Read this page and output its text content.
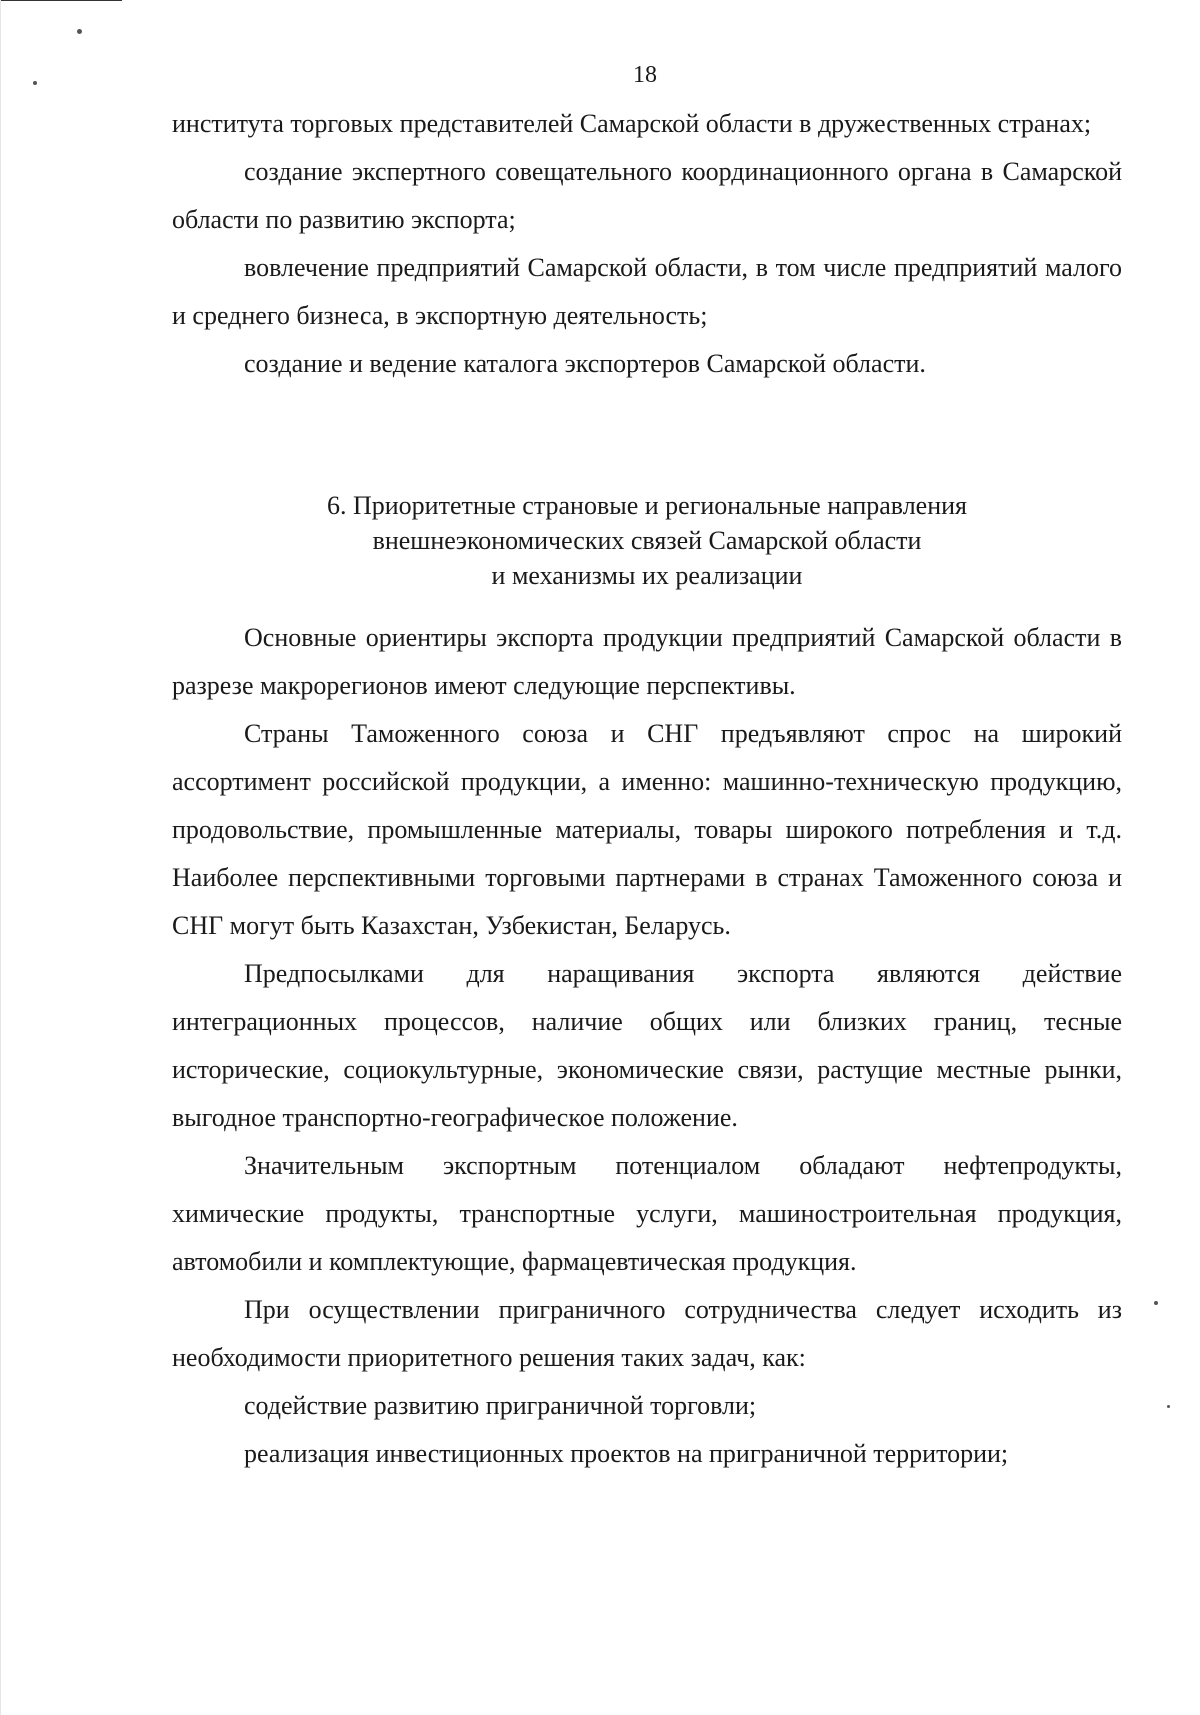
18

института торговых представителей Самарской области в дружественных странах;

создание экспертного совещательного координационного органа в Самарской области по развитию экспорта;

вовлечение предприятий Самарской области, в том числе предприятий малого и среднего бизнеса, в экспортную деятельность;

создание и ведение каталога экспортеров Самарской области.

6. Приоритетные страновые и региональные направления
внешнеэкономических связей Самарской области
и механизмы их реализации

Основные ориентиры экспорта продукции предприятий Самарской области в разрезе макрорегионов имеют следующие перспективы.

Страны Таможенного союза и СНГ предъявляют спрос на широкий ассортимент российской продукции, а именно: машинно-техническую продукцию, продовольствие, промышленные материалы, товары широкого потребления и т.д. Наиболее перспективными торговыми партнерами в странах Таможенного союза и СНГ могут быть Казахстан, Узбекистан, Беларусь.

Предпосылками для наращивания экспорта являются действие интеграционных процессов, наличие общих или близких границ, тесные исторические, социокультурные, экономические связи, растущие местные рынки, выгодное транспортно-географическое положение.

Значительным экспортным потенциалом обладают нефтепродукты, химические продукты, транспортные услуги, машиностроительная продукция, автомобили и комплектующие, фармацевтическая продукция.

При осуществлении приграничного сотрудничества следует исходить из необходимости приоритетного решения таких задач, как:

содействие развитию приграничной торговли;

реализация инвестиционных проектов на приграничной территории;
